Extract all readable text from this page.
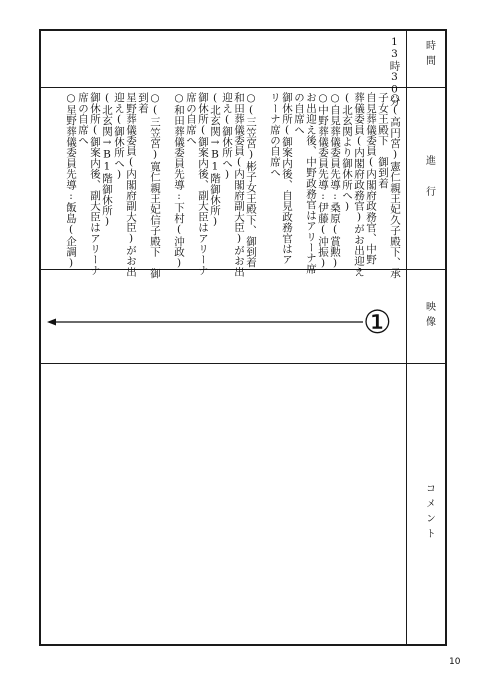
時間
進 行
映像
コメント
13時30分
○(高円宮)憲仁親王妃久子殿下、承
子女王殿下　御到着
自見葬儀委員(内閣府政務官、中野
葬儀委員(内閣府政務官)がお出迎え
(北玄関より御休所へ)
○自見葬儀委員先導:桑原(賞勲)
○中野葬儀委員先導:伊藤(沖振)
お出迎え後、中野政務官はアリーナ席
の自席へ
御休所(御案内後、自見政務官はア
リーナ席の自席へ
○(三笠宮)彬子女王殿下、御到着
和田葬儀委員(内閣府副大臣)がお出
迎え(御休所へ)
(北玄関→B1階御休所)
御休所(御案内後、副大臣はアリーナ
席の自席へ
○和田葬儀委員先導:下村(沖政)
○(三笠宮)寛仁親王妃信子殿下　御
到着
星野葬儀委員(内閣府副大臣)がお出
迎え(御休所へ)
(北玄関→B1階御休所)
御休所(御案内後、副大臣はアリーナ
席の自席へ
○星野葬儀委員先導:飯島(企調)
①
10
